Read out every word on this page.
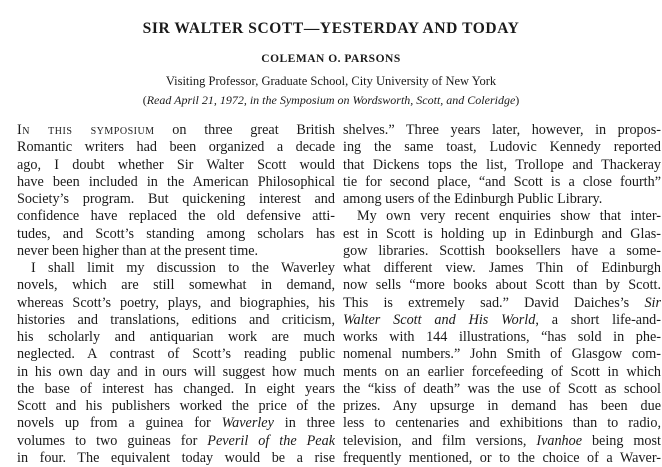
SIR WALTER SCOTT—YESTERDAY AND TODAY
COLEMAN O. PARSONS
Visiting Professor, Graduate School, City University of New York
(Read April 21, 1972, in the Symposium on Wordsworth, Scott, and Coleridge)
In this symposium on three great British
Romantic writers had been organized a decade
ago, I doubt whether Sir Walter Scott would
have been included in the American Philosophical
Society’s program. But quickening interest and
confidence have replaced the old defensive atti-
tudes, and Scott’s standing among scholars has
never been higher than at the present time.
I shall limit my discussion to the Waverley
novels, which are still somewhat in demand,
whereas Scott’s poetry, plays, and biographies, his
histories and translations, editions and criticism,
his scholarly and antiquarian work are much
neglected. A contrast of Scott’s reading public
in his own day and in ours will suggest how much
the base of interest has changed. In eight years
Scott and his publishers worked the price of the
novels up from a guinea for Waverley in three
volumes to two guineas for Peveril of the Peak
in four. The equivalent today would be a rise
shelves.” Three years later, however, in propos-
ing the same toast, Ludovic Kennedy reported
that Dickens tops the list, Trollope and Thackeray
tie for second place, “and Scott is a close fourth”
among users of the Edinburgh Public Library.
My own very recent enquiries show that inter-
est in Scott is holding up in Edinburgh and Glas-
gow libraries. Scottish booksellers have a some-
what different view. James Thin of Edinburgh
now sells “more books about Scott than by Scott.
This is extremely sad.” David Daiches’s Sir
Walter Scott and His World, a short life-and-
works with 144 illustrations, “has sold in phe-
nomenal numbers.” John Smith of Glasgow com-
ments on an earlier forcefeeding of Scott in which
the “kiss of death” was the use of Scott as school
prizes. Any upsurge in demand has been due
less to centenaries and exhibitions than to radio,
television, and film versions, Ivanhoe being most
frequently mentioned, or to the choice of a Waver-
